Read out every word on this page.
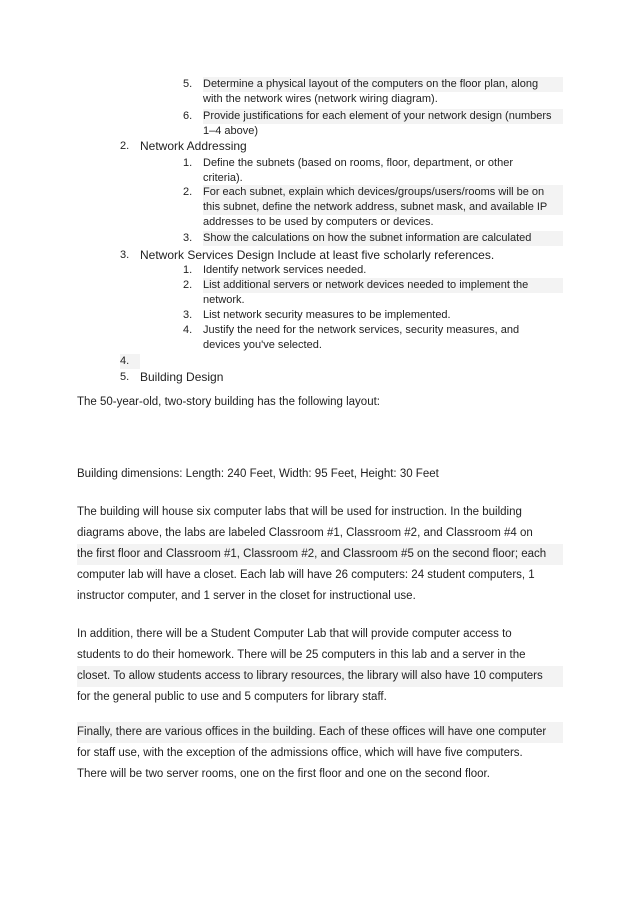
5. Determine a physical layout of the computers on the floor plan, along
with the network wires (network wiring diagram).
6. Provide justifications for each element of your network design (numbers
1–4 above)
2. Network Addressing
1. Define the subnets (based on rooms, floor, department, or other
criteria).
2. For each subnet, explain which devices/groups/users/rooms will be on
this subnet, define the network address, subnet mask, and available IP
addresses to be used by computers or devices.
3. Show the calculations on how the subnet information are calculated
3. Network Services Design Include at least five scholarly references.
1. Identify network services needed.
2. List additional servers or network devices needed to implement the
network.
3. List network security measures to be implemented.
4. Justify the need for the network services, security measures, and
devices you've selected.
4.
5. Building Design

The 50-year-old, two-story building has the following layout:

Building dimensions: Length: 240 Feet, Width: 95 Feet, Height: 30 Feet

The building will house six computer labs that will be used for instruction. In the building
diagrams above, the labs are labeled Classroom #1, Classroom #2, and Classroom #4 on
the first floor and Classroom #1, Classroom #2, and Classroom #5 on the second floor; each
computer lab will have a closet. Each lab will have 26 computers: 24 student computers, 1
instructor computer, and 1 server in the closet for instructional use.

In addition, there will be a Student Computer Lab that will provide computer access to
students to do their homework. There will be 25 computers in this lab and a server in the
closet. To allow students access to library resources, the library will also have 10 computers
for the general public to use and 5 computers for library staff.

Finally, there are various offices in the building. Each of these offices will have one computer
for staff use, with the exception of the admissions office, which will have five computers.
There will be two server rooms, one on the first floor and one on the second floor.
